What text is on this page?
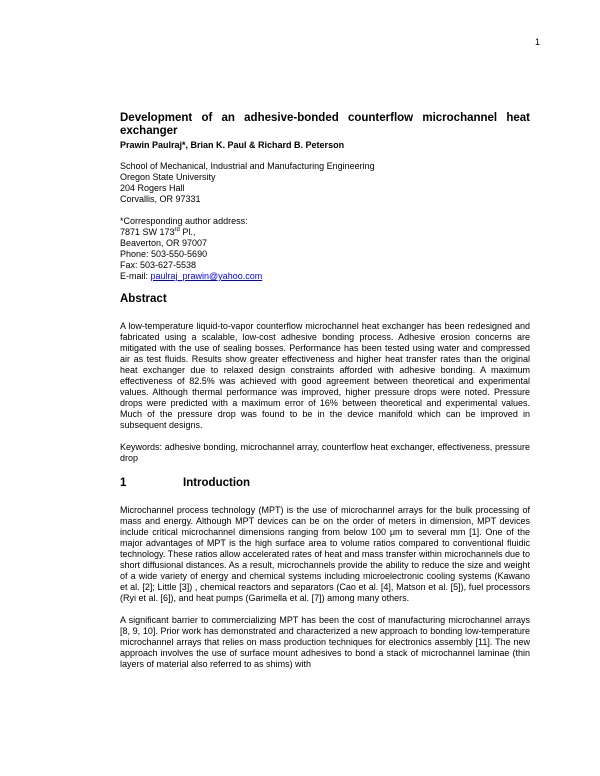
1
Development of an adhesive-bonded counterflow microchannel heat exchanger

Prawin Paulraj*, Brian K. Paul & Richard B. Peterson

School of Mechanical, Industrial and Manufacturing Engineering
Oregon State University
204 Rogers Hall
Corvallis, OR 97331
*Corresponding author address:
7871 SW 173rd Pl.,
Beaverton, OR 97007
Phone: 503-550-5690
Fax: 503-627-5538
E-mail: paulraj_prawin@yahoo.com
Abstract

A low-temperature liquid-to-vapor counterflow microchannel heat exchanger has been redesigned and fabricated using a scalable, low-cost adhesive bonding process. Adhesive erosion concerns are mitigated with the use of sealing bosses. Performance has been tested using water and compressed air as test fluids. Results show greater effectiveness and higher heat transfer rates than the original heat exchanger due to relaxed design constraints afforded with adhesive bonding. A maximum effectiveness of 82.5% was achieved with good agreement between theoretical and experimental values. Although thermal performance was improved, higher pressure drops were noted. Pressure drops were predicted with a maximum error of 16% between theoretical and experimental values. Much of the pressure drop was found to be in the device manifold which can be improved in subsequent designs.

Keywords: adhesive bonding, microchannel array, counterflow heat exchanger, effectiveness, pressure drop

1	Introduction

Microchannel process technology (MPT) is the use of microchannel arrays for the bulk processing of mass and energy. Although MPT devices can be on the order of meters in dimension, MPT devices include critical microchannel dimensions ranging from below 100 μm to several mm [1]. One of the major advantages of MPT is the high surface area to volume ratios compared to conventional fluidic technology. These ratios allow accelerated rates of heat and mass transfer within microchannels due to short diffusional distances. As a result, microchannels provide the ability to reduce the size and weight of a wide variety of energy and chemical systems including microelectronic cooling systems (Kawano et al. [2]; Little [3]) , chemical reactors and separators (Cao et al. [4], Matson et al. [5]), fuel processors (Ryi et al. [6]), and heat pumps (Garimella et al. [7]) among many others.

A significant barrier to commercializing MPT has been the cost of manufacturing microchannel arrays [8, 9, 10]. Prior work has demonstrated and characterized a new approach to bonding low-temperature microchannel arrays that relies on mass production techniques for electronics assembly [11]. The new approach involves the use of surface mount adhesives to bond a stack of microchannel laminae (thin layers of material also referred to as shims) with
